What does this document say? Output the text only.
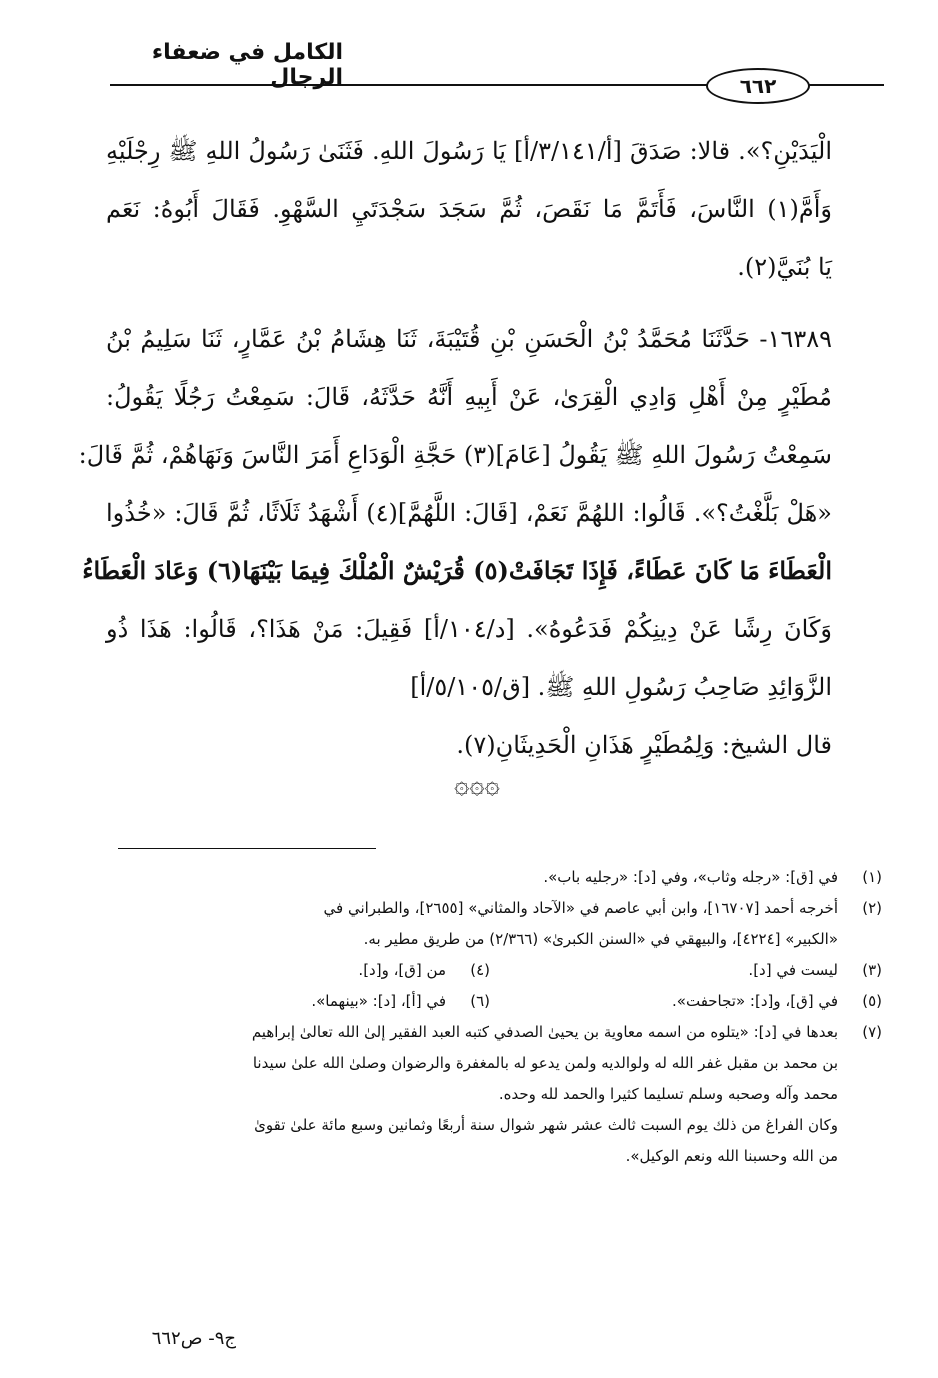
الكامل في ضعفاء الرجال	٦٦٢
الْيَدَيْنِ؟». قالا: صَدَقَ [أ/٣/١٤١/أ] يَا رَسُولَ اللهِ. فَثَنَىٰ رَسُولُ اللهِ ﷺ رِجْلَيْهِ
وَأَمَّ(١) النَّاسَ، فَأَتَمَّ مَا نَقَصَ، ثُمَّ سَجَدَ سَجْدَتَيِ السَّهْوِ. فَقَالَ أَبُوهُ: نَعَم
يَا بُنَيَّ(٢).
١٦٣٨٩- حَدَّثَنَا مُحَمَّدُ بْنُ الْحَسَنِ بْنِ قُتَيْبَةَ، ثَنَا هِشَامُ بْنُ عَمَّارٍ، ثَنَا سَلِيمُ بْنُ
مُطَيْرٍ مِنْ أَهْلِ وَادِي الْقِرَىٰ، عَنْ أَبِيهِ أَنَّهُ حَدَّثَهُ، قَالَ: سَمِعْتُ رَجُلًا يَقُولُ:
سَمِعْتُ رَسُولَ اللهِ ﷺ يَقُولُ [عَامَ](٣) حَجَّةِ الْوَدَاعِ أَمَرَ النَّاسَ وَنَهَاهُمْ، ثُمَّ قَالَ:
«هَلْ بَلَّغْتُ؟». قَالُوا: اللهُمَّ نَعَمْ، [قَالَ: اللَّهُمَّ](٤) أَشْهَدُ ثَلَاثًا، ثُمَّ قَالَ: «خُذُوا
الْعَطَاءَ مَا كَانَ عَطَاءً، فَإِذَا تَجَافَتْ(٥) قُرَيْشٌ الْمُلْكَ فِيمَا بَيْنَهَا(٦) وَعَادَ الْعَطَاءُ
وَكَانَ رِشًا عَنْ دِينِكُمْ فَدَعُوهُ». [د/١٠٤/أ] فَقِيلَ: مَنْ هَذَا؟، قَالُوا: هَذَا ذُو
الزَّوَائِدِ صَاحِبُ رَسُولِ اللهِ ﷺ. [ق/٥/١٠٥/أ]
قال الشيخ: وَلِمُطَيْرٍ هَذَانِ الْحَدِيثَانِ(٧).
۞۞۞
(١)
في [ق]: «رجله وثاب»، وفي [د]: «رجليه باب».
(٢)
أخرجه أحمد [١٦٧٠٧]، وابن أبي عاصم في «الآحاد والمثاني» [٢٦٥٥]، والطبراني في
«الكبير» [٤٢٢٤]، والبيهقي في «السنن الكبرىٰ» (٢/٣٦٦) من طريق مطير به.
(٣)
ليست في [د].
(٤)
من [ق]، و[د].
(٥)
في [ق]، و[د]: «تجاحفت».
(٦)
في [أ]، [د]: «بينهما».
(٧)
بعدها في [د]: «يتلوه من اسمه معاوية بن يحيىٰ الصدفي كتبه العبد الفقير إلىٰ الله تعالىٰ إبراهيم
بن محمد بن مقبل غفر الله له ولوالديه ولمن يدعو له بالمغفرة والرضوان وصلىٰ الله علىٰ سيدنا
محمد وآله وصحبه وسلم تسليما كثيرا والحمد لله وحده.
وكان الفراغ من ذلك يوم السبت ثالث عشر شهر شوال سنة أربعًا وثمانين وسبع مائة علىٰ تقوىٰ
من الله وحسبنا الله ونعم الوكيل».
ج٩- ص٦٦٢
